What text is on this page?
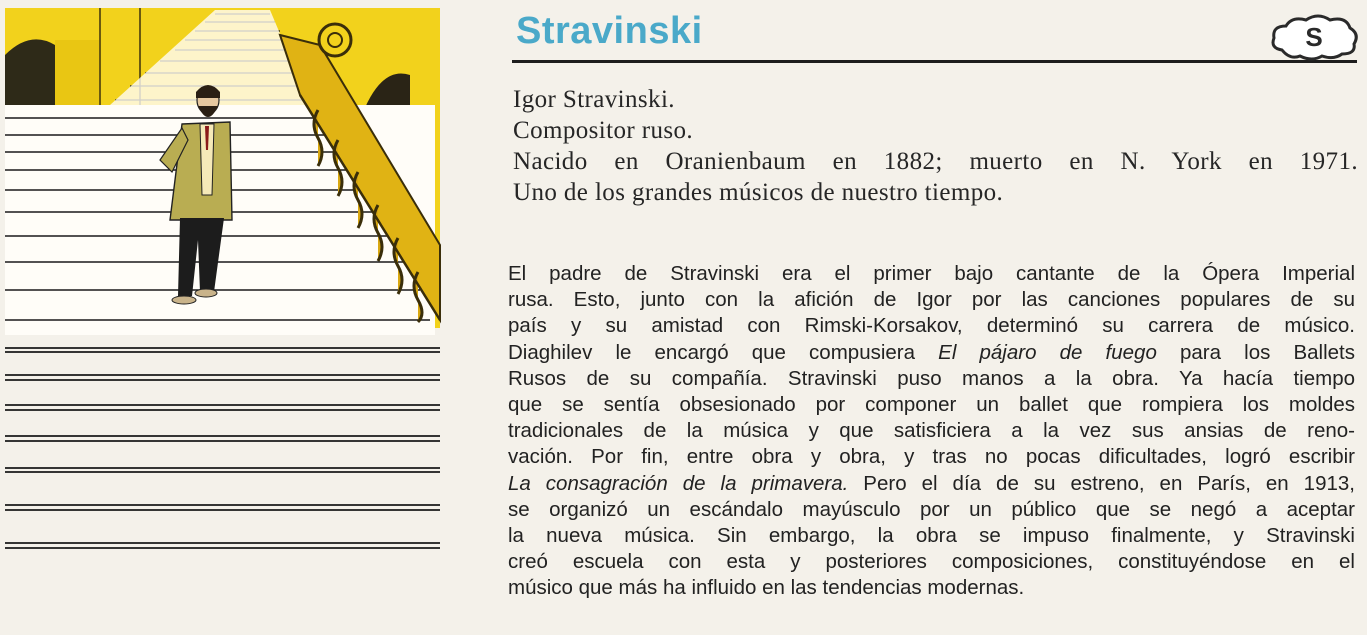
Stravinski	S
Igor Stravinski.
Compositor ruso.
Nacido en Oranienbaum en 1882; muerto en N. York en 1971.
Uno de los grandes músicos de nuestro tiempo.
El padre de Stravinski era el primer bajo cantante de la Ópera Imperial
rusa. Esto, junto con la afición de Igor por las canciones populares de su
país y su amistad con Rimski-Korsakov, determinó su carrera de músico.
Diaghilev le encargó que compusiera El pájaro de fuego para los Ballets
Rusos de su compañía. Stravinski puso manos a la obra. Ya hacía tiempo
que se sentía obsesionado por componer un ballet que rompiera los moldes
tradicionales de la música y que satisficiera a la vez sus ansias de reno-
vación. Por fin, entre obra y obra, y tras no pocas dificultades, logró escribir
La consagración de la primavera. Pero el día de su estreno, en París, en 1913,
se organizó un escándalo mayúsculo por un público que se negó a aceptar
la nueva música. Sin embargo, la obra se impuso finalmente, y Stravinski
creó escuela con esta y posteriores composiciones, constituyéndose en el
músico que más ha influido en las tendencias modernas.
